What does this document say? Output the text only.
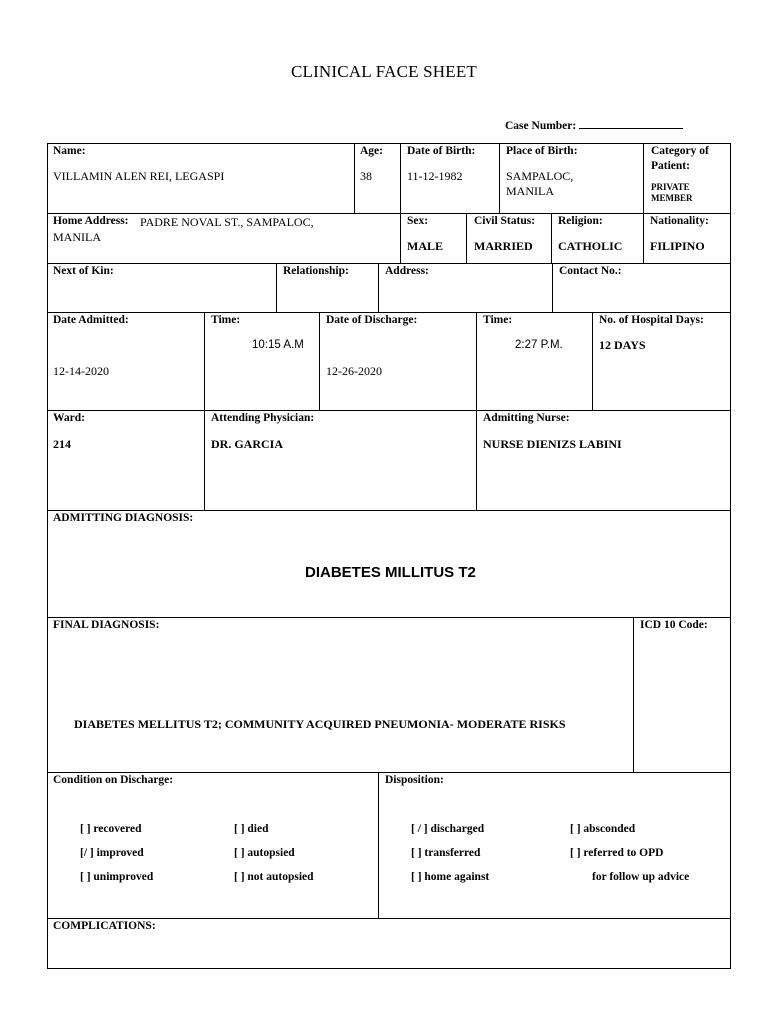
CLINICAL FACE SHEET
Case Number:
Name:
VILLAMIN ALEN REI, LEGASPI
Age:
38
Date of Birth:
11-12-1982
Place of Birth:
SAMPALOC,
MANILA
Category of
Patient:
PRIVATE
MEMBER
Home Address: PADRE NOVAL ST., SAMPALOC,
MANILA
Sex:
MALE
Civil Status:
MARRIED
Religion:
CATHOLIC
Nationality:
FILIPINO
Next of Kin:	Relationship:	Address:	Contact No.:
Date Admitted:
12-14-2020
Time:
10:15 A.M
Date of Discharge:
12-26-2020
Time:
2:27 P.M.
No. of Hospital Days:
12 DAYS
Ward:
214
Attending Physician:
DR. GARCIA
Admitting Nurse:
NURSE DIENIZS LABINI
ADMITTING DIAGNOSIS:
DIABETES MILLITUS T2
FINAL DIAGNOSIS:
DIABETES MELLITUS T2; COMMUNITY ACQUIRED PNEUMONIA- MODERATE RISKS
ICD 10 Code:
Condition on Discharge:
[ ] recovered
[/ ] improved
[ ] unimproved
[ ] died
[ ] autopsied
[ ] not autopsied
Disposition:
[ / ] discharged
[ ] transferred
[ ] home against
[ ] absconded
[ ] referred to OPD
for follow up advice
COMPLICATIONS:
